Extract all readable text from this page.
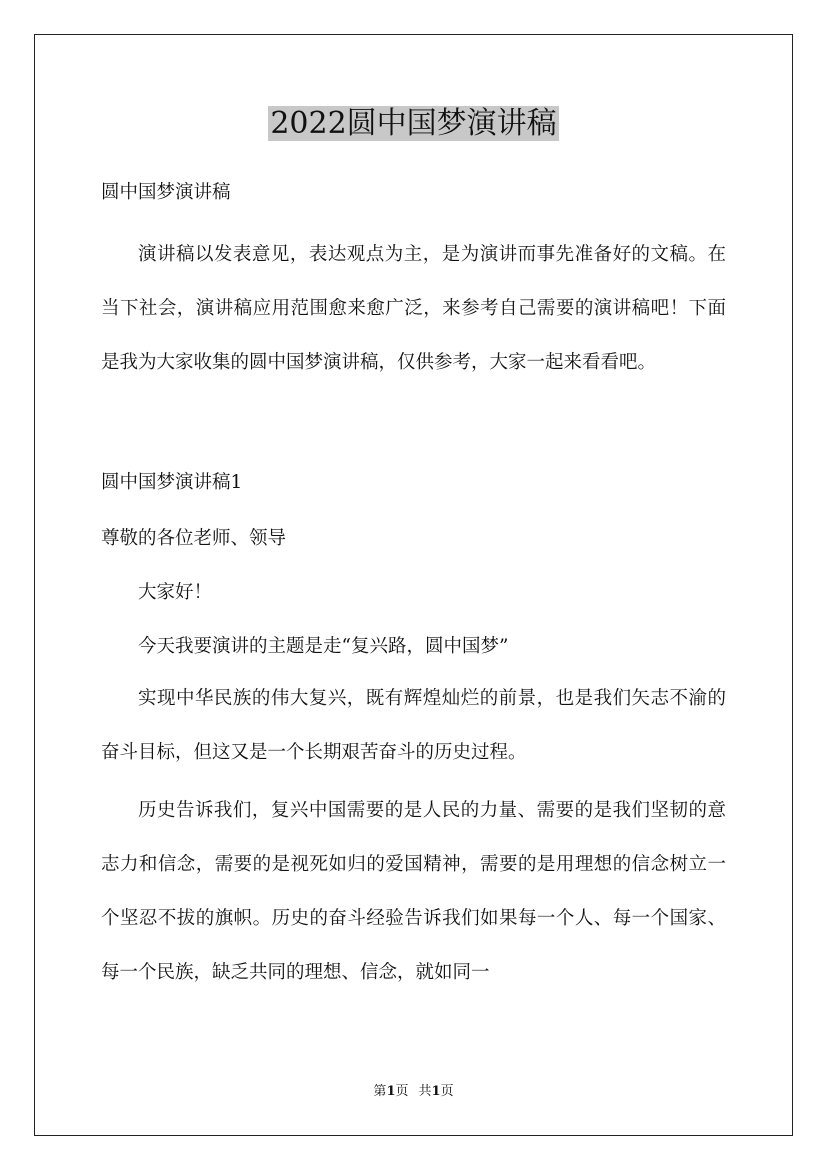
2022圆中国梦演讲稿

圆中国梦演讲稿

演讲稿以发表意见，表达观点为主，是为演讲而事先准备好的文稿。在当下社会，演讲稿应用范围愈来愈广泛，来参考自己需要的演讲稿吧！下面是我为大家收集的圆中国梦演讲稿，仅供参考，大家一起来看看吧。

圆中国梦演讲稿1

尊敬的各位老师、领导

大家好！

今天我要演讲的主题是走“复兴路，圆中国梦”

实现中华民族的伟大复兴，既有辉煌灿烂的前景，也是我们矢志不渝的奋斗目标，但这又是一个长期艰苦奋斗的历史过程。

历史告诉我们，复兴中国需要的是人民的力量、需要的是我们坚韧的意志力和信念，需要的是视死如归的爱国精神，需要的是用理想的信念树立一个坚忍不拔的旗帜。历史的奋斗经验告诉我们如果每一个人、每一个国家、每一个民族，缺乏共同的理想、信念，就如同一

第1页 共1页
